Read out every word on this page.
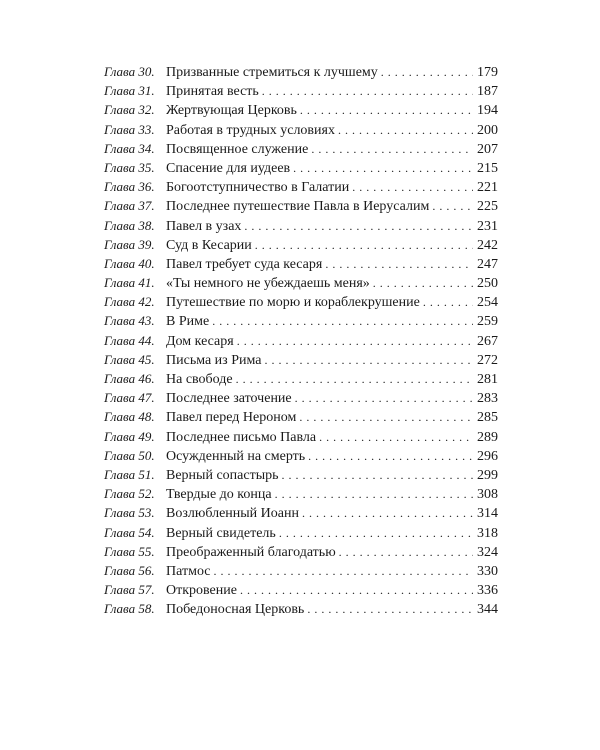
Глава 30. Призванные стремиться к лучшему . . .	179
Глава 31. Принятая весть . . .	187
Глава 32. Жертвующая Церковь . . .	194
Глава 33. Работая в трудных условиях . . .	200
Глава 34. Посвященное служение . . .	207
Глава 35. Спасение для иудеев . . .	215
Глава 36. Богоотступничество в Галатии . . .	221
Глава 37. Последнее путешествие Павла в Иерусалим . . .	225
Глава 38. Павел в узах . . .	231
Глава 39. Суд в Кесарии . . .	242
Глава 40. Павел требует суда кесаря . . .	247
Глава 41. «Ты немного не убеждаешь меня» . . .	250
Глава 42. Путешествие по морю и кораблекрушение . . .	254
Глава 43. В Риме . . .	259
Глава 44. Дом кесаря . . .	267
Глава 45. Письма из Рима . . .	272
Глава 46. На свободе . . .	281
Глава 47. Последнее заточение . . .	283
Глава 48. Павел перед Нероном . . .	285
Глава 49. Последнее письмо Павла . . .	289
Глава 50. Осужденный на смерть . . .	296
Глава 51. Верный сопастырь . . .	299
Глава 52. Твердые до конца . . .	308
Глава 53. Возлюбленный Иоанн . . .	314
Глава 54. Верный свидетель . . .	318
Глава 55. Преображенный благодатью . . .	324
Глава 56. Патмос . . .	330
Глава 57. Откровение . . .	336
Глава 58. Победоносная Церковь . . .	344
